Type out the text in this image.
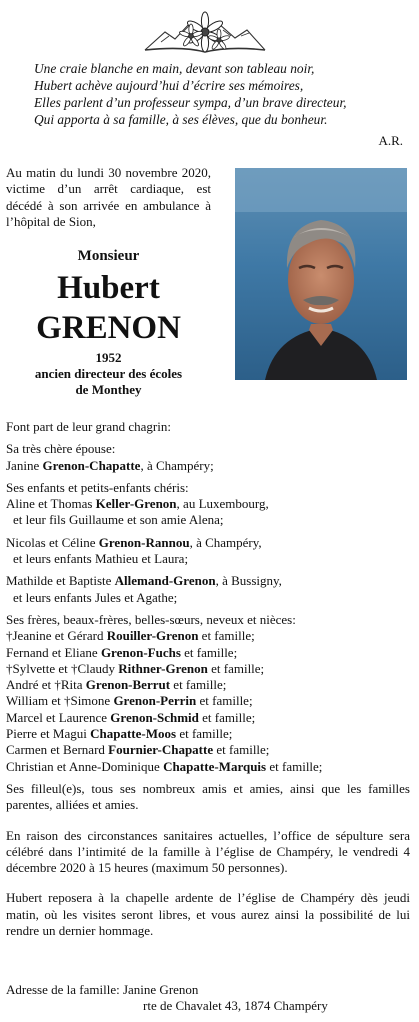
Une craie blanche en main, devant son tableau noir,
Hubert achève aujourd’hui d’écrire ses mémoires,
Elles parlent d’un professeur sympa, d’un brave directeur,
Qui apporta à sa famille, à ses élèves, que du bonheur.
A.R.
Au matin du lundi 30 novembre 2020, victime d’un arrêt cardiaque, est décédé à son arrivée en ambulance à l’hôpital de Sion,
Monsieur
Hubert
GRENON
1952
ancien directeur des écoles
de Monthey

Font part de leur grand chagrin:

Sa très chère épouse:
Janine Grenon-Chapatte, à Champéry;

Ses enfants et petits-enfants chéris:
Aline et Thomas Keller-Grenon, au Luxembourg,
et leur fils Guillaume et son amie Alena;

Nicolas et Céline Grenon-Rannou, à Champéry,
et leurs enfants Mathieu et Laura;

Mathilde et Baptiste Allemand-Grenon, à Bussigny,
et leurs enfants Jules et Agathe;

Ses frères, beaux-frères, belles-sœurs, neveux et nièces:
†Jeanine et Gérard Rouiller-Grenon et famille;
Fernand et Eliane Grenon-Fuchs et famille;
†Sylvette et †Claudy Rithner-Grenon et famille;
André et †Rita Grenon-Berrut et famille;
William et †Simone Grenon-Perrin et famille;
Marcel et Laurence Grenon-Schmid et famille;
Pierre et Magui Chapatte-Moos et famille;
Carmen et Bernard Fournier-Chapatte et famille;
Christian et Anne-Dominique Chapatte-Marquis et famille;

Ses filleul(e)s, tous ses nombreux amis et amies, ainsi que les familles parentes, alliées et amies.

En raison des circonstances sanitaires actuelles, l’office de sépulture sera célébré dans l’intimité de la famille à l’église de Champéry, le vendredi 4 décembre 2020 à 15 heures (maximum 50 personnes).

Hubert reposera à la chapelle ardente de l’église de Champéry dès jeudi matin, où les visites seront libres, et vous aurez ainsi la possibilité de lui rendre un dernier hommage.

Adresse de la famille: Janine Grenon
rte de Chavalet 43, 1874 Champéry
